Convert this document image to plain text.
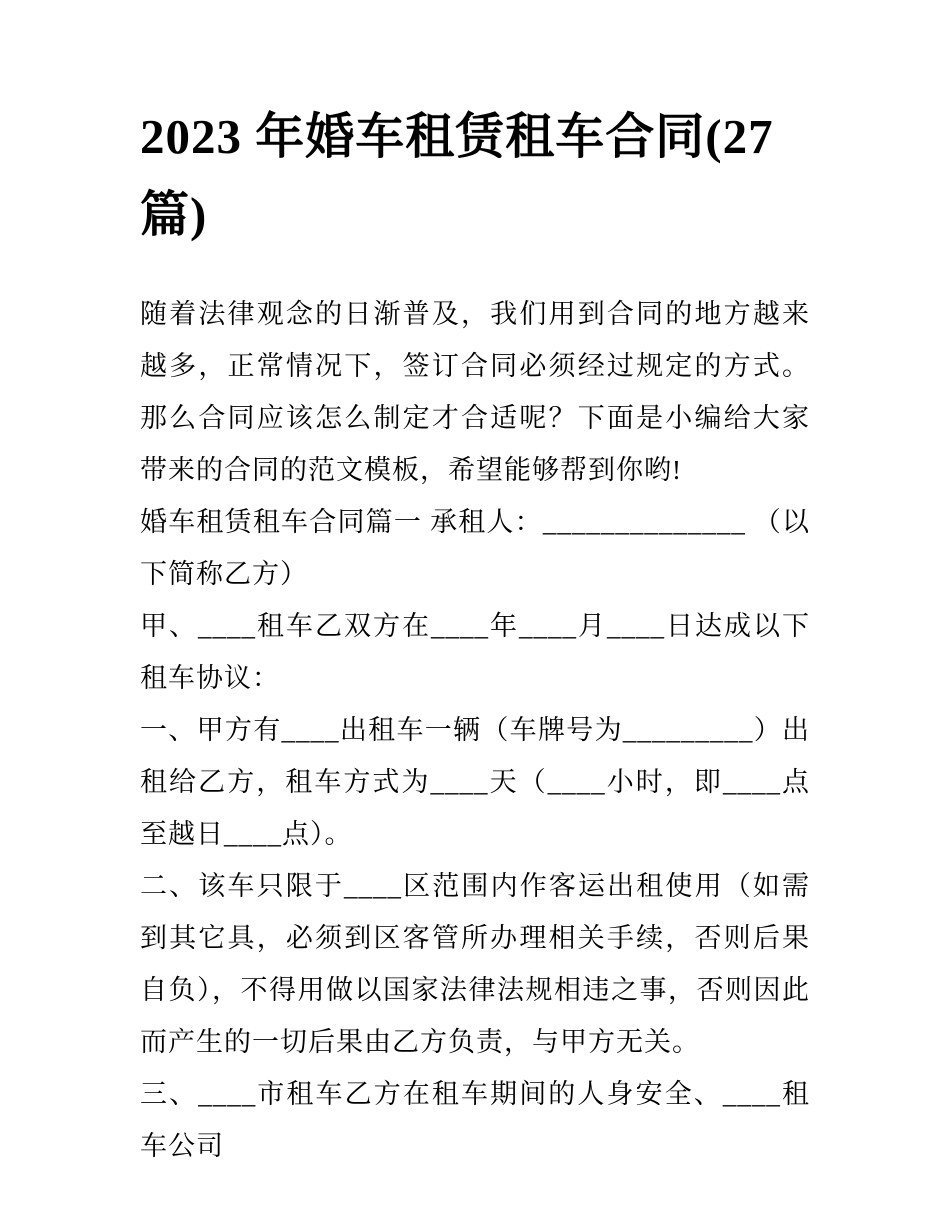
2023 年婚车租赁租车合同(27
篇)

随着法律观念的日渐普及，我们用到合同的地方越来越多，正常情况下，签订合同必须经过规定的方式。那么合同应该怎么制定才合适呢？下面是小编给大家带来的合同的范文模板，希望能够帮到你哟!

婚车租赁租车合同篇一 承租人：______________ （以下简称乙方）

甲、____租车乙双方在____年____月____日达成以下租车协议：

一、甲方有____出租车一辆（车牌号为_________）出租给乙方，租车方式为____天（____小时，即____点至越日____点）。

二、该车只限于____区范围内作客运出租使用（如需到其它具，必须到区客管所办理相关手续，否则后果自负），不得用做以国家法律法规相违之事，否则因此而产生的一切后果由乙方负责，与甲方无关。

三、____市租车乙方在租车期间的人身安全、____租车公司
